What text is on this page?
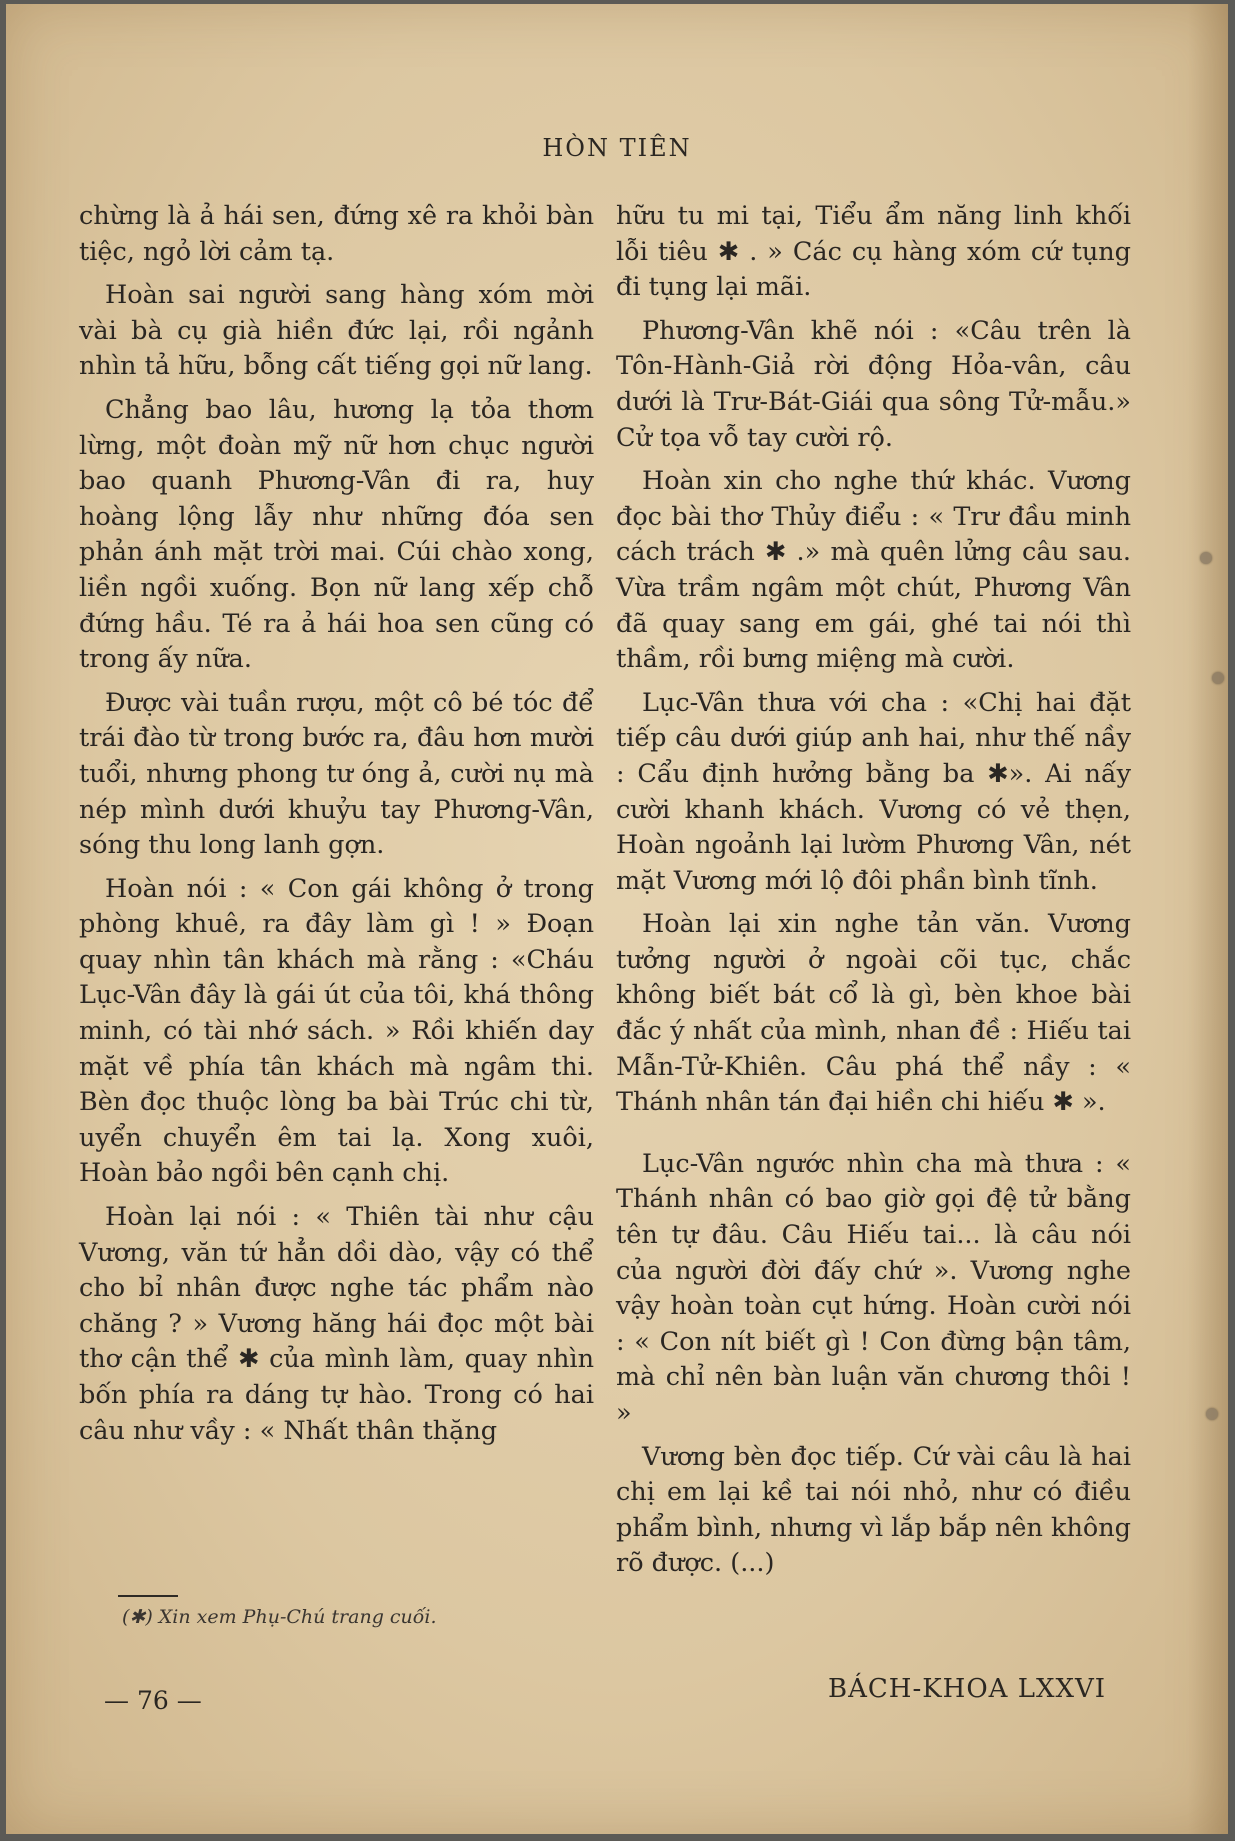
HÒN TIÊN

chừng là ả hái sen, đứng xê ra khỏi bàn tiệc, ngỏ lời cảm tạ.

Hoàn sai người sang hàng xóm mời vài bà cụ già hiền đức lại, rồi ngảnh nhìn tả hữu, bỗng cất tiếng gọi nữ lang.

Chẳng bao lâu, hương lạ tỏa thơm lừng, một đoàn mỹ nữ hơn chục người bao quanh Phương-Vân đi ra, huy hoàng lộng lẫy như những đóa sen phản ánh mặt trời mai. Cúi chào xong, liền ngồi xuống. Bọn nữ lang xếp chỗ đứng hầu. Té ra ả hái hoa sen cũng có trong ấy nữa.

Được vài tuần rượu, một cô bé tóc để trái đào từ trong bước ra, đâu hơn mười tuổi, nhưng phong tư óng ả, cười nụ mà nép mình dưới khuỷu tay Phương-Vân, sóng thu long lanh gợn.

Hoàn nói : « Con gái không ở trong phòng khuê, ra đây làm gì ! » Đoạn quay nhìn tân khách mà rằng : «Cháu Lục-Vân đây là gái út của tôi, khá thông minh, có tài nhớ sách. » Rồi khiến day mặt về phía tân khách mà ngâm thi. Bèn đọc thuộc lòng ba bài Trúc chi từ, uyển chuyển êm tai lạ. Xong xuôi, Hoàn bảo ngồi bên cạnh chị.

Hoàn lại nói : « Thiên tài như cậu Vương, văn tứ hẳn dồi dào, vậy có thể cho bỉ nhân được nghe tác phẩm nào chăng ? » Vương hăng hái đọc một bài thơ cận thể ✱ của mình làm, quay nhìn bốn phía ra dáng tự hào. Trong có hai câu như vầy : « Nhất thân thặng

hữu tu mi tại, Tiểu ẩm năng linh khối lỗi tiêu ✱ . » Các cụ hàng xóm cứ tụng đi tụng lại mãi.

Phương-Vân khẽ nói : «Câu trên là Tôn-Hành-Giả rời động Hỏa-vân, câu dưới là Trư-Bát-Giái qua sông Tử-mẫu.» Cử tọa vỗ tay cười rộ.

Hoàn xin cho nghe thứ khác. Vương đọc bài thơ Thủy điểu : « Trư đầu minh cách trách ✱ .» mà quên lửng câu sau. Vừa trầm ngâm một chút, Phương Vân đã quay sang em gái, ghé tai nói thì thầm, rồi bưng miệng mà cười.

Lục-Vân thưa với cha : «Chị hai đặt tiếp câu dưới giúp anh hai, như thế nầy : Cẩu định hưởng bằng ba ✱». Ai nấy cười khanh khách. Vương có vẻ thẹn, Hoàn ngoảnh lại lườm Phương Vân, nét mặt Vương mới lộ đôi phần bình tĩnh.

Hoàn lại xin nghe tản văn. Vương tưởng người ở ngoài cõi tục, chắc không biết bát cổ là gì, bèn khoe bài đắc ý nhất của mình, nhan đề : Hiếu tai Mẫn-Tử-Khiên. Câu phá thể nầy : « Thánh nhân tán đại hiền chi hiếu ✱ ».

Lục-Vân ngước nhìn cha mà thưa : « Thánh nhân có bao giờ gọi đệ tử bằng tên tự đâu. Câu Hiếu tai... là câu nói của người đời đấy chứ ». Vương nghe vậy hoàn toàn cụt hứng. Hoàn cười nói : « Con nít biết gì ! Con đừng bận tâm, mà chỉ nên bàn luận văn chương thôi ! »

Vương bèn đọc tiếp. Cứ vài câu là hai chị em lại kề tai nói nhỏ, như có điều phẩm bình, nhưng vì lắp bắp nên không rõ được. (...)

(✱) Xin xem Phụ-Chú trang cuối.
— 76 —	BÁCH-KHOA LXXVI
